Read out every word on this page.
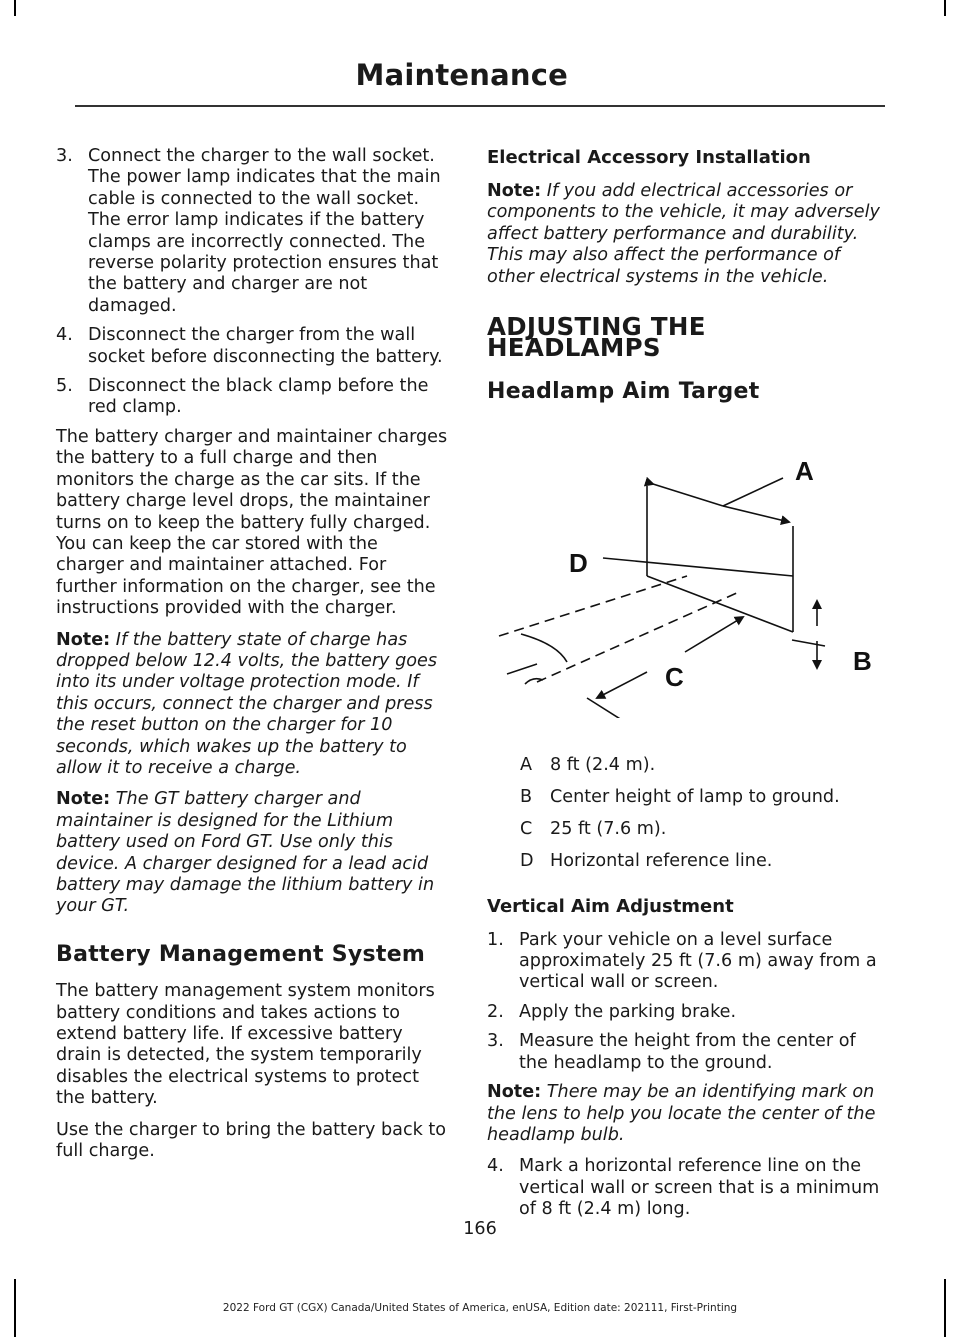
Maintenance
3. Connect the charger to the wall socket. The power lamp indicates that the main cable is connected to the wall socket. The error lamp indicates if the battery clamps are incorrectly connected. The reverse polarity protection ensures that the battery and charger are not damaged.
4. Disconnect the charger from the wall socket before disconnecting the battery.
5. Disconnect the black clamp before the red clamp.

The battery charger and maintainer charges the battery to a full charge and then monitors the charge as the car sits. If the battery charge level drops, the maintainer turns on to keep the battery fully charged. You can keep the car stored with the charger and maintainer attached. For further information on the charger, see the instructions provided with the charger.

Note: If the battery state of charge has dropped below 12.4 volts, the battery goes into its under voltage protection mode. If this occurs, connect the charger and press the reset button on the charger for 10 seconds, which wakes up the battery to allow it to receive a charge.

Note: The GT battery charger and maintainer is designed for the Lithium battery used on Ford GT. Use only this device. A charger designed for a lead acid battery may damage the lithium battery in your GT.

Battery Management System

The battery management system monitors battery conditions and takes actions to extend battery life. If excessive battery drain is detected, the system temporarily disables the electrical systems to protect the battery.

Use the charger to bring the battery back to full charge.

Electrical Accessory Installation

Note: If you add electrical accessories or components to the vehicle, it may adversely affect battery performance and durability. This may also affect the performance of other electrical systems in the vehicle.

ADJUSTING THE HEADLAMPS
Headlamp Aim Target
A
B
C
D
A	8 ft (2.4 m).
B	Center height of lamp to ground.
C	25 ft (7.6 m).
D Horizontal reference line.
Vertical Aim Adjustment
1. Park your vehicle on a level surface approximately 25 ft (7.6 m) away from a vertical wall or screen.
2. Apply the parking brake.
3. Measure the height from the center of the headlamp to the ground.

Note: There may be an identifying mark on the lens to help you locate the center of the headlamp bulb.

4. Mark a horizontal reference line on the vertical wall or screen that is a minimum of 8 ft (2.4 m) long.
166
2022 Ford GT (CGX) Canada/United States of America, enUSA, Edition date: 202111, First-Printing
